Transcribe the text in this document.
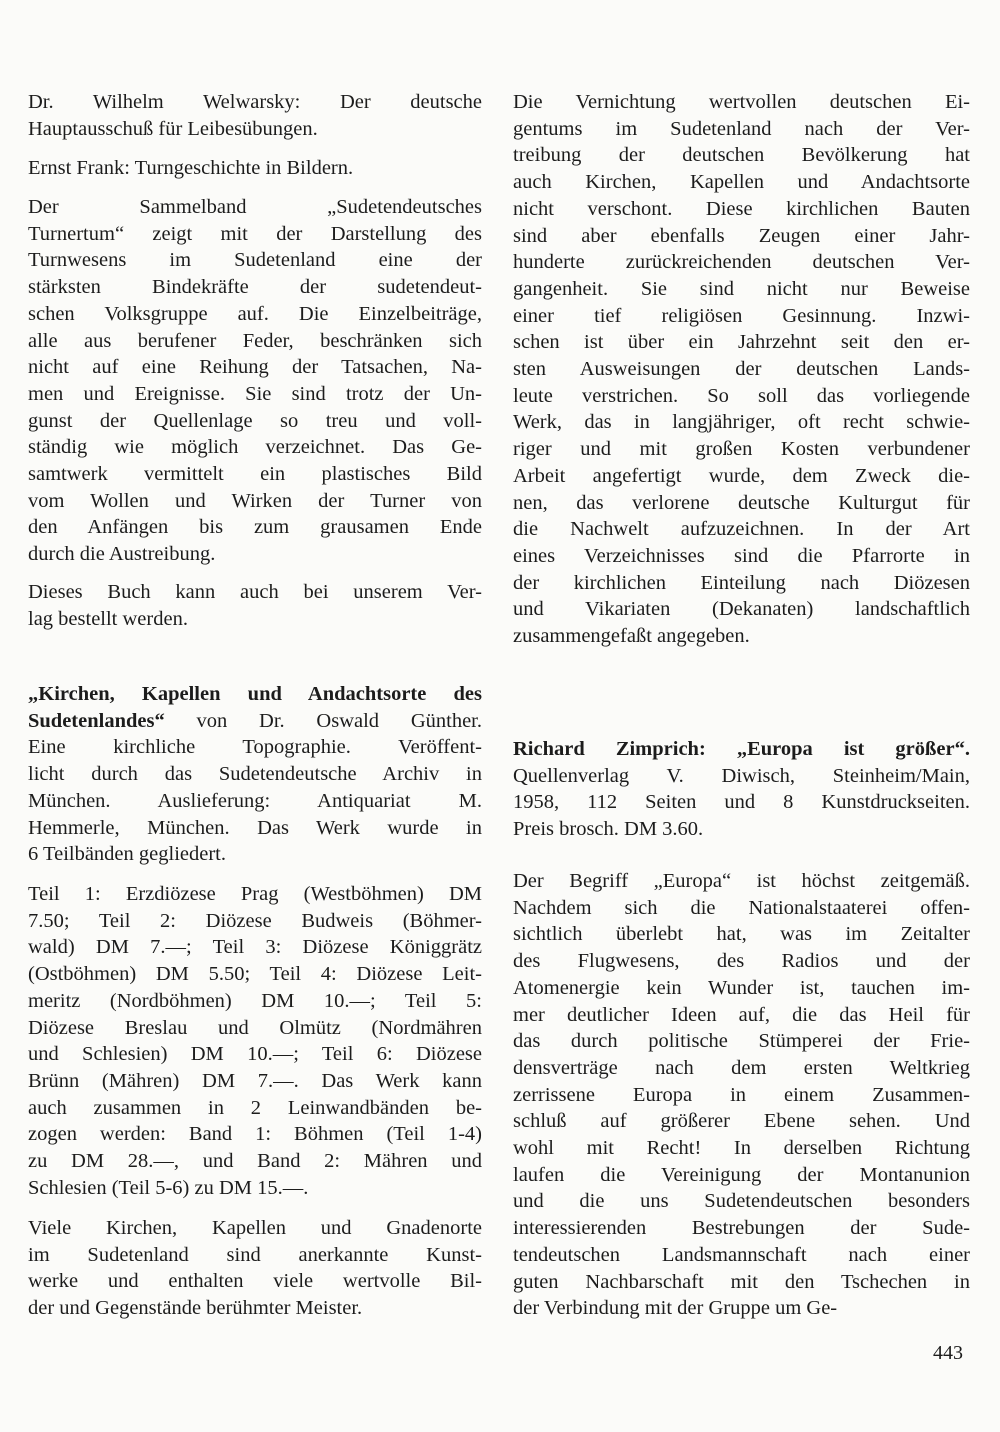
Dr. Wilhelm Welwarsky: Der deutsche
Hauptausschuß für Leibesübungen.
Ernst Frank: Turngeschichte in Bildern.
Der Sammelband „Sudetendeutsches
Turnertum“ zeigt mit der Darstellung des
Turnwesens im Sudetenland eine der
stärksten Bindekräfte der sudetendeut-
schen Volksgruppe auf. Die Einzelbeiträge,
alle aus berufener Feder, beschränken sich
nicht auf eine Reihung der Tatsachen, Na-
men und Ereignisse. Sie sind trotz der Un-
gunst der Quellenlage so treu und voll-
ständig wie möglich verzeichnet. Das Ge-
samtwerk vermittelt ein plastisches Bild
vom Wollen und Wirken der Turner von
den Anfängen bis zum grausamen Ende
durch die Austreibung.
Dieses Buch kann auch bei unserem Ver-
lag bestellt werden.
„Kirchen, Kapellen und Andachtsorte des
Sudetenlandes“ von Dr. Oswald Günther.
Eine kirchliche Topographie. Veröffent-
licht durch das Sudetendeutsche Archiv in
München. Auslieferung: Antiquariat M.
Hemmerle, München. Das Werk wurde in
6 Teilbänden gegliedert.
Teil 1: Erzdiözese Prag (Westböhmen) DM
7.50; Teil 2: Diözese Budweis (Böhmer-
wald) DM 7.—; Teil 3: Diözese Königgrätz
(Ostböhmen) DM 5.50; Teil 4: Diözese Leit-
meritz (Nordböhmen) DM 10.—; Teil 5:
Diözese Breslau und Olmütz (Nordmähren
und Schlesien) DM 10.—; Teil 6: Diözese
Brünn (Mähren) DM 7.—. Das Werk kann
auch zusammen in 2 Leinwandbänden be-
zogen werden: Band 1: Böhmen (Teil 1-4)
zu DM 28.—, und Band 2: Mähren und
Schlesien (Teil 5-6) zu DM 15.—.
Viele Kirchen, Kapellen und Gnadenorte
im Sudetenland sind anerkannte Kunst-
werke und enthalten viele wertvolle Bil-
der und Gegenstände berühmter Meister.
Die Vernichtung wertvollen deutschen Ei-
gentums im Sudetenland nach der Ver-
treibung der deutschen Bevölkerung hat
auch Kirchen, Kapellen und Andachtsorte
nicht verschont. Diese kirchlichen Bauten
sind aber ebenfalls Zeugen einer Jahr-
hunderte zurückreichenden deutschen Ver-
gangenheit. Sie sind nicht nur Beweise
einer tief religiösen Gesinnung. Inzwi-
schen ist über ein Jahrzehnt seit den er-
sten Ausweisungen der deutschen Lands-
leute verstrichen. So soll das vorliegende
Werk, das in langjähriger, oft recht schwie-
riger und mit großen Kosten verbundener
Arbeit angefertigt wurde, dem Zweck die-
nen, das verlorene deutsche Kulturgut für
die Nachwelt aufzuzeichnen. In der Art
eines Verzeichnisses sind die Pfarrorte in
der kirchlichen Einteilung nach Diözesen
und Vikariaten (Dekanaten) landschaftlich
zusammengefaßt angegeben.
Richard Zimprich: „Europa ist größer“.
Quellenverlag V. Diwisch, Steinheim/Main,
1958, 112 Seiten und 8 Kunstdruckseiten.
Preis brosch. DM 3.60.
Der Begriff „Europa“ ist höchst zeitgemäß.
Nachdem sich die Nationalstaaterei offen-
sichtlich überlebt hat, was im Zeitalter
des Flugwesens, des Radios und der
Atomenergie kein Wunder ist, tauchen im-
mer deutlicher Ideen auf, die das Heil für
das durch politische Stümperei der Frie-
densverträge nach dem ersten Weltkrieg
zerrissene Europa in einem Zusammen-
schluß auf größerer Ebene sehen. Und
wohl mit Recht! In derselben Richtung
laufen die Vereinigung der Montanunion
und die uns Sudetendeutschen besonders
interessierenden Bestrebungen der Sude-
tendeutschen Landsmannschaft nach einer
guten Nachbarschaft mit den Tschechen in
der Verbindung mit der Gruppe um Ge-
443
